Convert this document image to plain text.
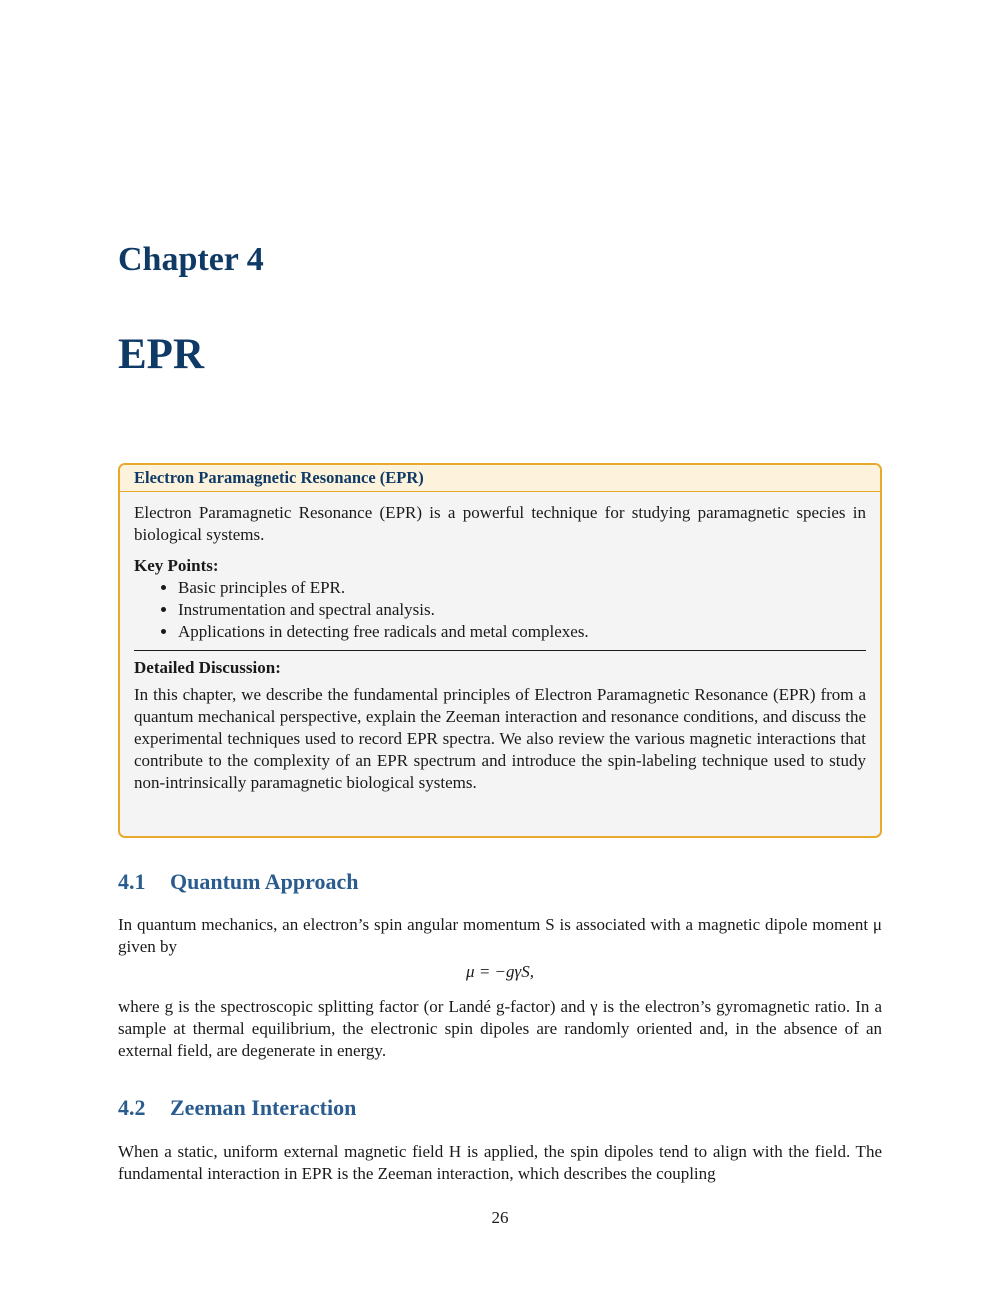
Chapter 4
EPR
Electron Paramagnetic Resonance (EPR)

Electron Paramagnetic Resonance (EPR) is a powerful technique for studying paramagnetic species in biological systems.

Key Points:

• Basic principles of EPR.
• Instrumentation and spectral analysis.
• Applications in detecting free radicals and metal complexes.

Detailed Discussion:

In this chapter, we describe the fundamental principles of Electron Paramagnetic Resonance (EPR) from a quantum mechanical perspective, explain the Zeeman interaction and resonance conditions, and discuss the experimental techniques used to record EPR spectra. We also review the various magnetic interactions that contribute to the complexity of an EPR spectrum and introduce the spin-labeling technique used to study non-intrinsically paramagnetic biological systems.

4.1 Quantum Approach

In quantum mechanics, an electron’s spin angular momentum S is associated with a magnetic dipole moment μ given by

μ = −gγS,

where g is the spectroscopic splitting factor (or Landé g-factor) and γ is the electron’s gyromagnetic ratio. In a sample at thermal equilibrium, the electronic spin dipoles are randomly oriented and, in the absence of an external field, are degenerate in energy.

4.2 Zeeman Interaction

When a static, uniform external magnetic field H is applied, the spin dipoles tend to align with the field. The fundamental interaction in EPR is the Zeeman interaction, which describes the coupling

26
